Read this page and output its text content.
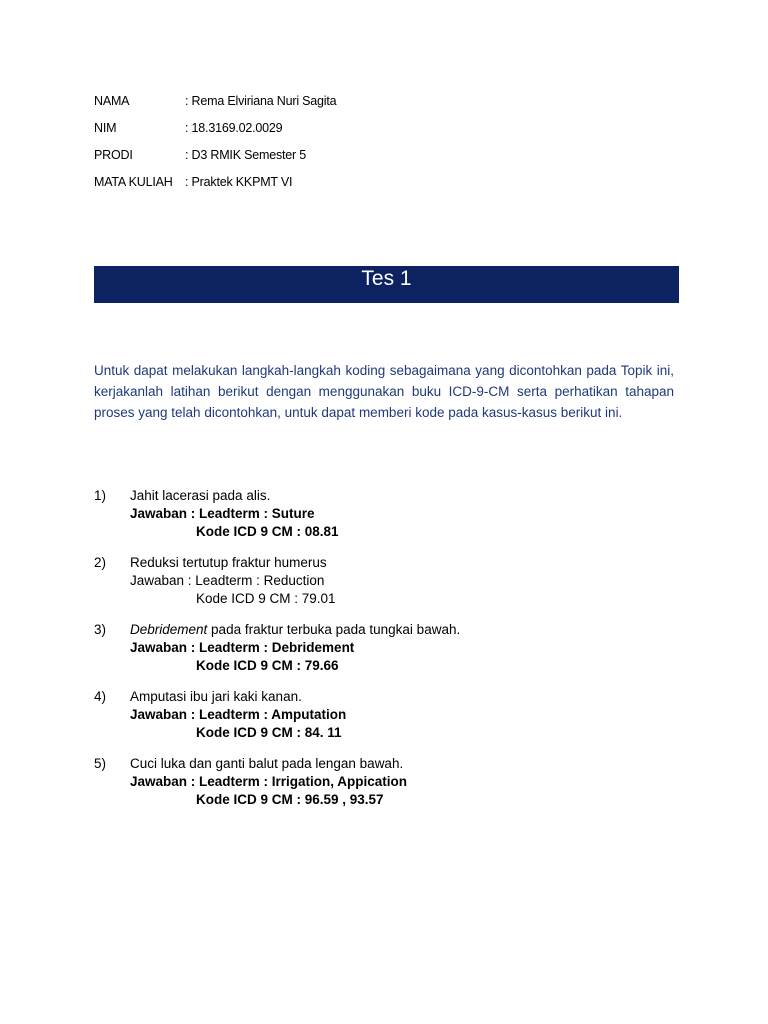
NAMA	: Rema Elviriana Nuri Sagita
NIM	: 18.3169.02.0029
PRODI	: D3 RMIK Semester 5
MATA KULIAH : Praktek KKPMT VI
Tes 1
Untuk dapat melakukan langkah-langkah koding sebagaimana yang dicontohkan pada Topik ini, kerjakanlah latihan berikut dengan menggunakan buku ICD-9-CM serta perhatikan tahapan proses yang telah dicontohkan, untuk dapat memberi kode pada kasus-kasus berikut ini.
1) Jahit lacerasi pada alis.
Jawaban : Leadterm : Suture
Kode ICD 9 CM : 08.81
2) Reduksi tertutup fraktur humerus
Jawaban : Leadterm : Reduction
Kode ICD 9 CM : 79.01
3) Debridement pada fraktur terbuka pada tungkai bawah.
Jawaban : Leadterm : Debridement
Kode ICD 9 CM : 79.66
4) Amputasi ibu jari kaki kanan.
Jawaban : Leadterm : Amputation
Kode ICD 9 CM : 84. 11
5) Cuci luka dan ganti balut pada lengan bawah.
Jawaban : Leadterm : Irrigation, Appication
Kode ICD 9 CM : 96.59 , 93.57
